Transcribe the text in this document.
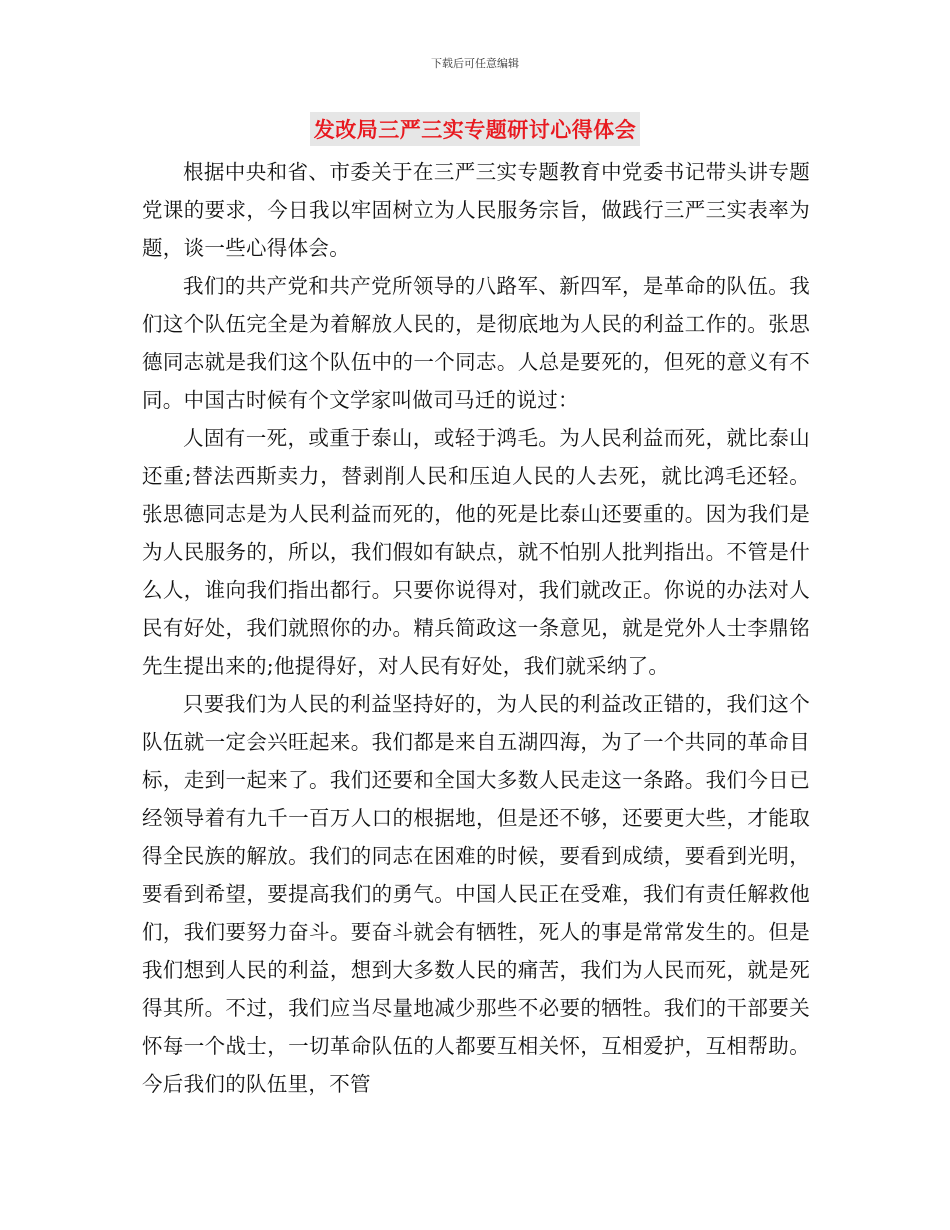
下载后可任意编辑
发改局三严三实专题研讨心得体会

根据中央和省、市委关于在三严三实专题教育中党委书记带头讲专题党课的要求，今日我以牢固树立为人民服务宗旨，做践行三严三实表率为题，谈一些心得体会。

我们的共产党和共产党所领导的八路军、新四军，是革命的队伍。我们这个队伍完全是为着解放人民的，是彻底地为人民的利益工作的。张思德同志就是我们这个队伍中的一个同志。人总是要死的，但死的意义有不同。中国古时候有个文学家叫做司马迁的说过：

人固有一死，或重于泰山，或轻于鸿毛。为人民利益而死，就比泰山还重;替法西斯卖力，替剥削人民和压迫人民的人去死，就比鸿毛还轻。张思德同志是为人民利益而死的，他的死是比泰山还要重的。因为我们是为人民服务的，所以，我们假如有缺点，就不怕别人批判指出。不管是什么人，谁向我们指出都行。只要你说得对，我们就改正。你说的办法对人民有好处，我们就照你的办。精兵简政这一条意见，就是党外人士李鼎铭先生提出来的;他提得好，对人民有好处，我们就采纳了。

只要我们为人民的利益坚持好的，为人民的利益改正错的，我们这个队伍就一定会兴旺起来。我们都是来自五湖四海，为了一个共同的革命目标，走到一起来了。我们还要和全国大多数人民走这一条路。我们今日已经领导着有九千一百万人口的根据地，但是还不够，还要更大些，才能取得全民族的解放。我们的同志在困难的时候，要看到成绩，要看到光明，要看到希望，要提高我们的勇气。中国人民正在受难，我们有责任解救他们，我们要努力奋斗。要奋斗就会有牺牲，死人的事是常常发生的。但是我们想到人民的利益，想到大多数人民的痛苦，我们为人民而死，就是死得其所。不过，我们应当尽量地减少那些不必要的牺牲。我们的干部要关怀每一个战士，一切革命队伍的人都要互相关怀，互相爱护，互相帮助。今后我们的队伍里，不管
